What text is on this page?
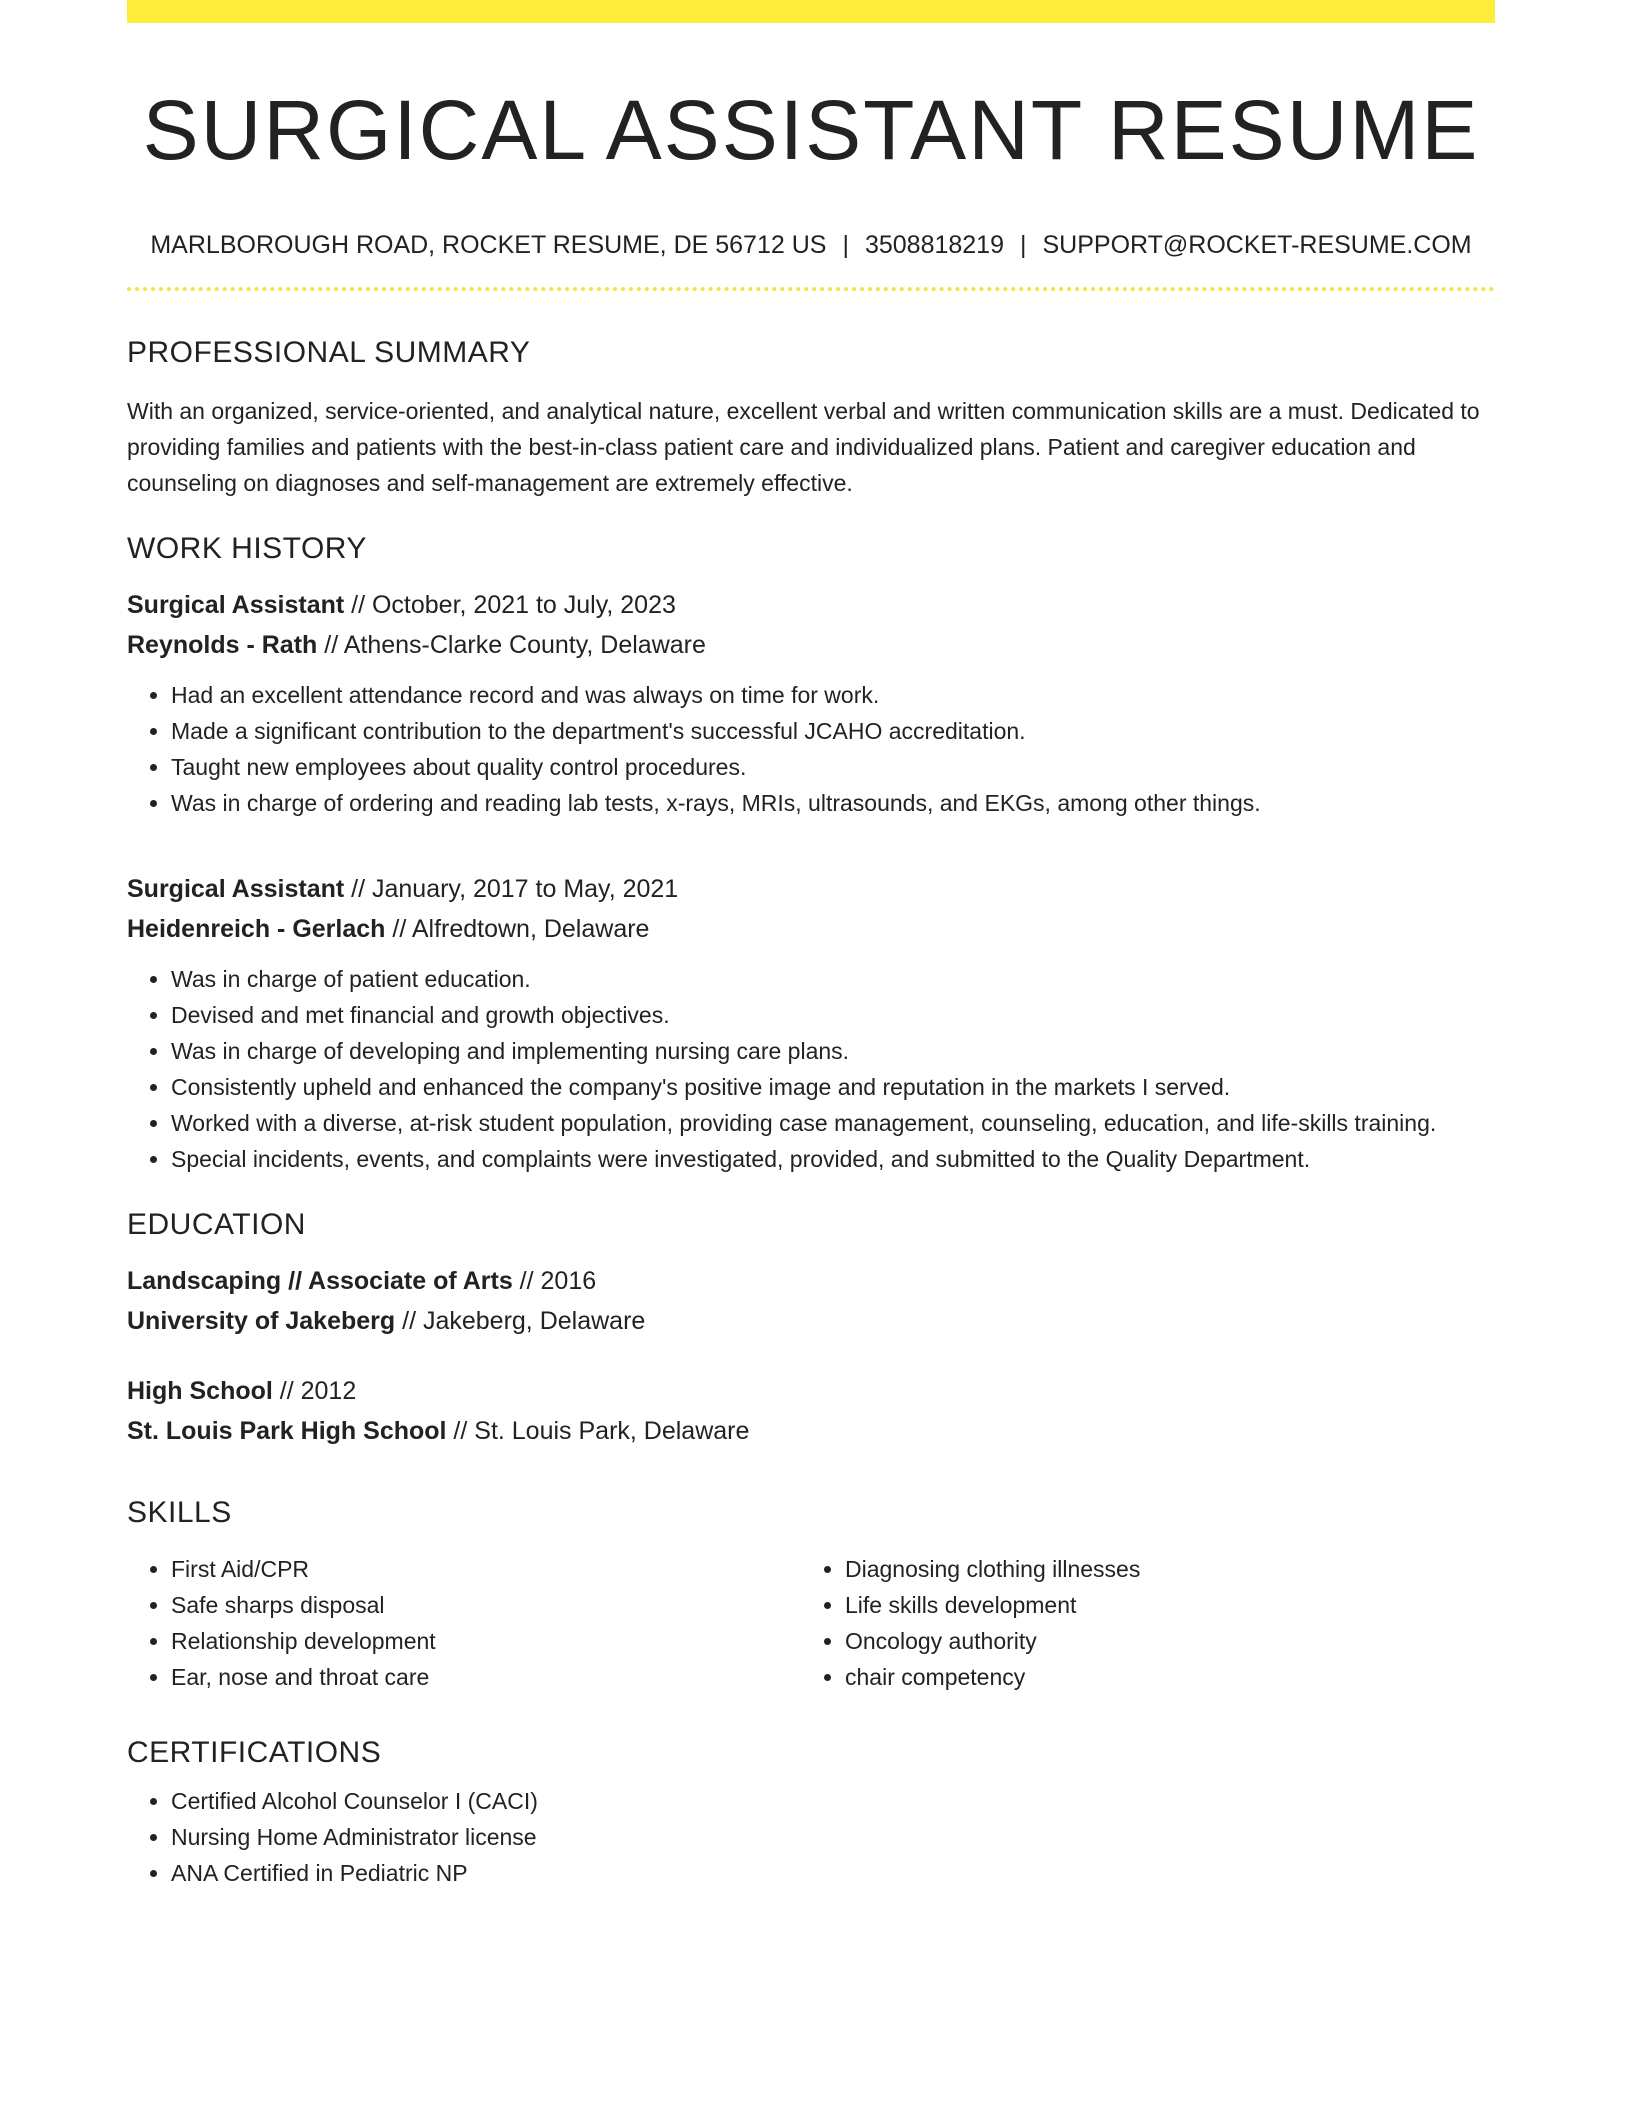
SURGICAL ASSISTANT RESUME
MARLBOROUGH ROAD, ROCKET RESUME, DE 56712 US | 3508818219 | SUPPORT@ROCKET-RESUME.COM
PROFESSIONAL SUMMARY
With an organized, service-oriented, and analytical nature, excellent verbal and written communication skills are a must. Dedicated to providing families and patients with the best-in-class patient care and individualized plans. Patient and caregiver education and counseling on diagnoses and self-management are extremely effective.
WORK HISTORY
Surgical Assistant // October, 2021 to July, 2023
Reynolds - Rath // Athens-Clarke County, Delaware
• Had an excellent attendance record and was always on time for work.
• Made a significant contribution to the department's successful JCAHO accreditation.
• Taught new employees about quality control procedures.
• Was in charge of ordering and reading lab tests, x-rays, MRIs, ultrasounds, and EKGs, among other things.
Surgical Assistant // January, 2017 to May, 2021
Heidenreich - Gerlach // Alfredtown, Delaware
• Was in charge of patient education.
• Devised and met financial and growth objectives.
• Was in charge of developing and implementing nursing care plans.
• Consistently upheld and enhanced the company's positive image and reputation in the markets I served.
• Worked with a diverse, at-risk student population, providing case management, counseling, education, and life-skills training.
• Special incidents, events, and complaints were investigated, provided, and submitted to the Quality Department.
EDUCATION
Landscaping // Associate of Arts // 2016
University of Jakeberg // Jakeberg, Delaware
High School // 2012
St. Louis Park High School // St. Louis Park, Delaware
SKILLS
• First Aid/CPR
• Safe sharps disposal
• Relationship development
• Ear, nose and throat care
• Diagnosing clothing illnesses
• Life skills development
• Oncology authority
• chair competency
CERTIFICATIONS
• Certified Alcohol Counselor I (CACI)
• Nursing Home Administrator license
• ANA Certified in Pediatric NP
